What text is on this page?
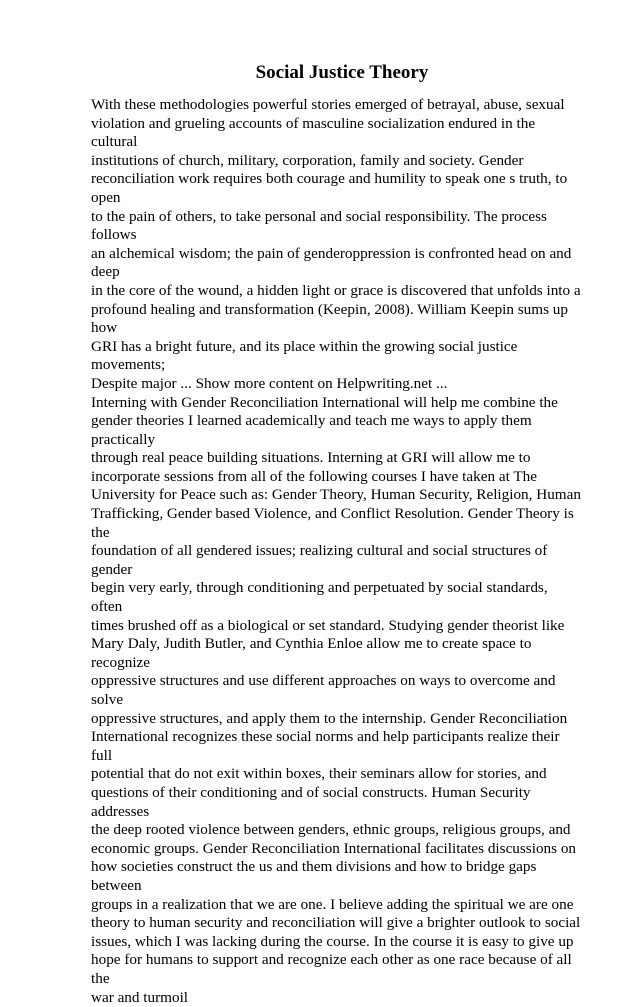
Social Justice Theory

With these methodologies powerful stories emerged of betrayal, abuse, sexual
violation and grueling accounts of masculine socialization endured in the cultural
institutions of church, military, corporation, family and society. Gender
reconciliation work requires both courage and humility to speak one s truth, to open
to the pain of others, to take personal and social responsibility. The process follows
an alchemical wisdom; the pain of genderoppression is confronted head on and deep
in the core of the wound, a hidden light or grace is discovered that unfolds into a
profound healing and transformation (Keepin, 2008). William Keepin sums up how
GRI has a bright future, and its place within the growing social justice movements;
Despite major ... Show more content on Helpwriting.net ...

Interning with Gender Reconciliation International will help me combine the
gender theories I learned academically and teach me ways to apply them practically
through real peace building situations. Interning at GRI will allow me to
incorporate sessions from all of the following courses I have taken at The
University for Peace such as: Gender Theory, Human Security, Religion, Human
Trafficking, Gender based Violence, and Conflict Resolution. Gender Theory is the
foundation of all gendered issues; realizing cultural and social structures of gender
begin very early, through conditioning and perpetuated by social standards, often
times brushed off as a biological or set standard. Studying gender theorist like
Mary Daly, Judith Butler, and Cynthia Enloe allow me to create space to recognize
oppressive structures and use different approaches on ways to overcome and solve
oppressive structures, and apply them to the internship. Gender Reconciliation
International recognizes these social norms and help participants realize their full
potential that do not exit within boxes, their seminars allow for stories, and
questions of their conditioning and of social constructs. Human Security addresses
the deep rooted violence between genders, ethnic groups, religious groups, and
economic groups. Gender Reconciliation International facilitates discussions on
how societies construct the us and them divisions and how to bridge gaps between
groups in a realization that we are one. I believe adding the spiritual we are one
theory to human security and reconciliation will give a brighter outlook to social
issues, which I was lacking during the course. In the course it is easy to give up
hope for humans to support and recognize each other as one race because of all the
war and turmoil
